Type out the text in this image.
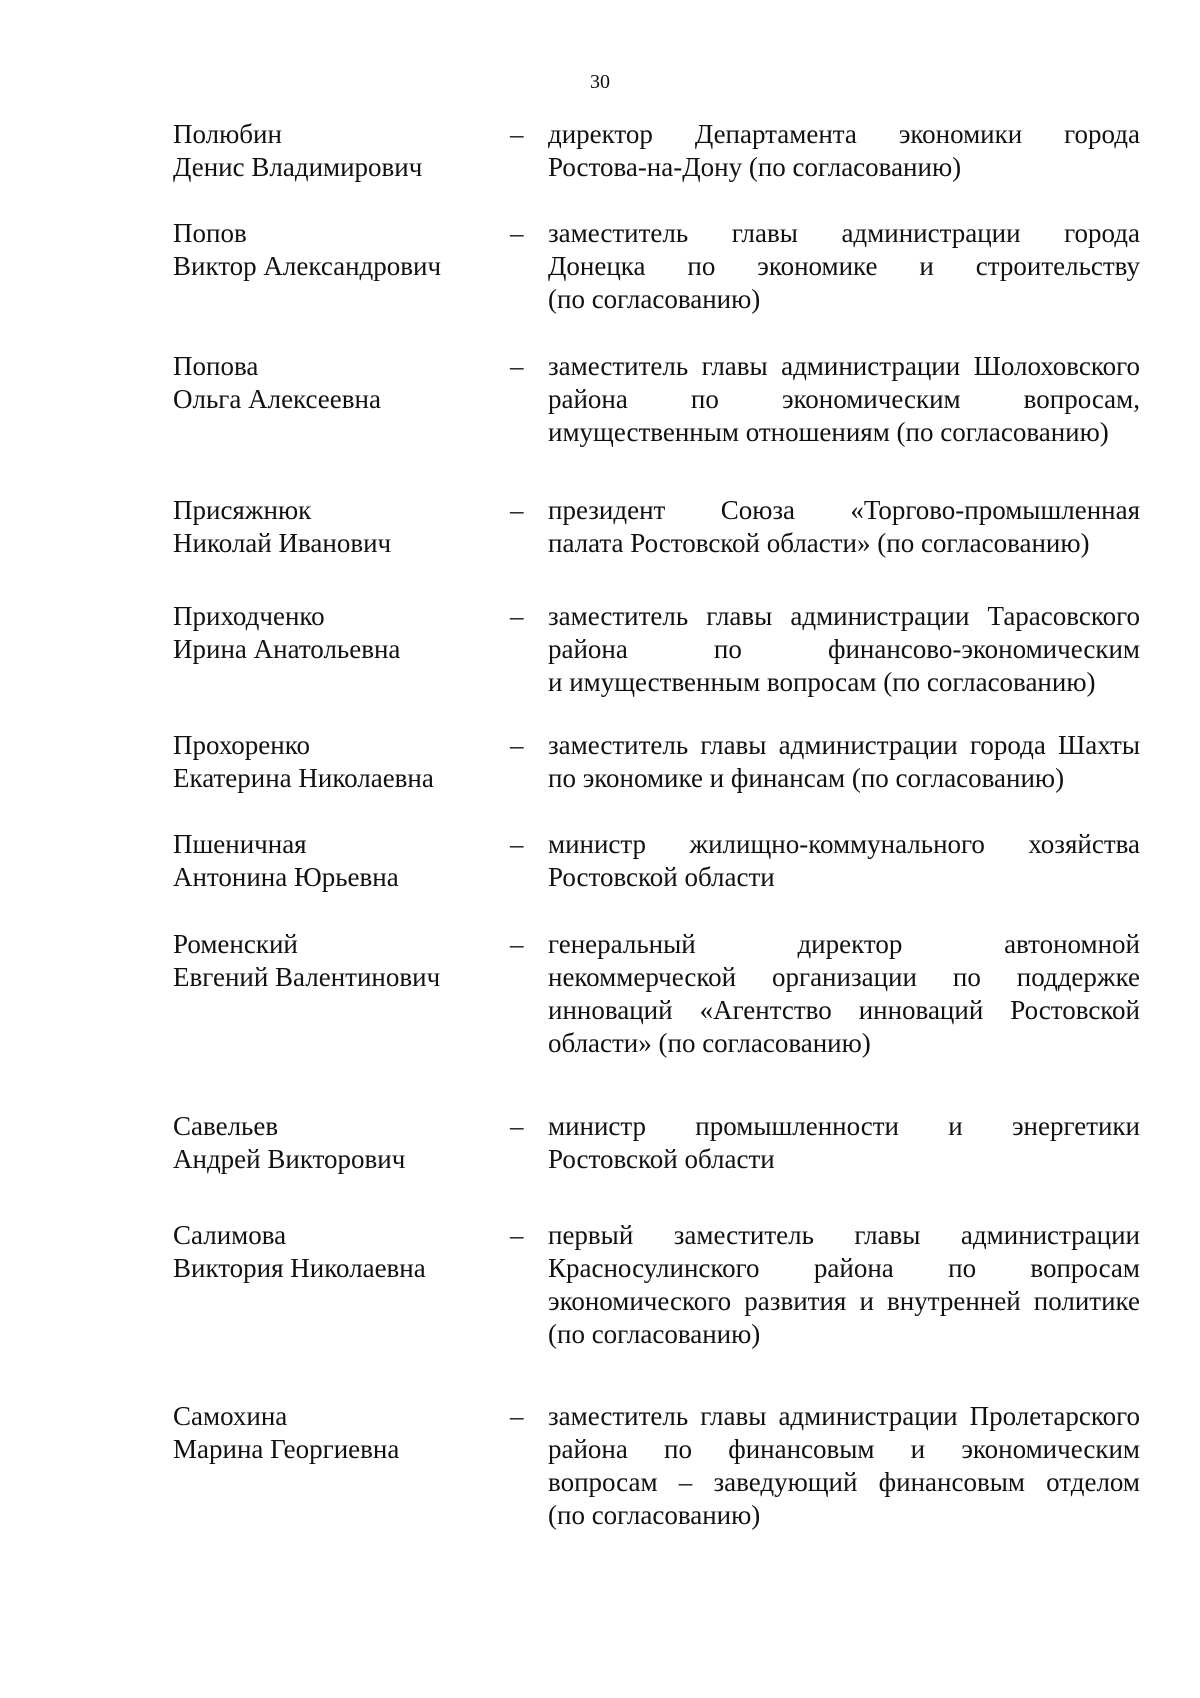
30
Полюбин
Денис Владимирович
– директор Департамента экономики города
Ростова-на-Дону (по согласованию)
Попов
Виктор Александрович
– заместитель главы администрации города
Донецка по экономике и строительству
(по согласованию)
Попова
Ольга Алексеевна
– заместитель главы администрации Шолоховского
района по экономическим вопросам,
имущественным отношениям (по согласованию)
Присяжнюк
Николай Иванович
– президент Союза «Торгово-промышленная
палата Ростовской области» (по согласованию)
Приходченко
Ирина Анатольевна
– заместитель главы администрации Тарасовского
района по финансово-экономическим
и имущественным вопросам (по согласованию)
Прохоренко
Екатерина Николаевна
– заместитель главы администрации города Шахты
по экономике и финансам (по согласованию)
Пшеничная
Антонина Юрьевна
– министр жилищно-коммунального хозяйства
Ростовской области
Роменский
Евгений Валентинович
– генеральный директор автономной
некоммерческой организации по поддержке
инноваций «Агентство инноваций Ростовской
области» (по согласованию)
Савельев
Андрей Викторович
– министр промышленности и энергетики
Ростовской области
Салимова
Виктория Николаевна
– первый заместитель главы администрации
Красносулинского района по вопросам
экономического развития и внутренней политике
(по согласованию)
Самохина
Марина Георгиевна
– заместитель главы администрации Пролетарского
района по финансовым и экономическим
вопросам – заведующий финансовым отделом
(по согласованию)
